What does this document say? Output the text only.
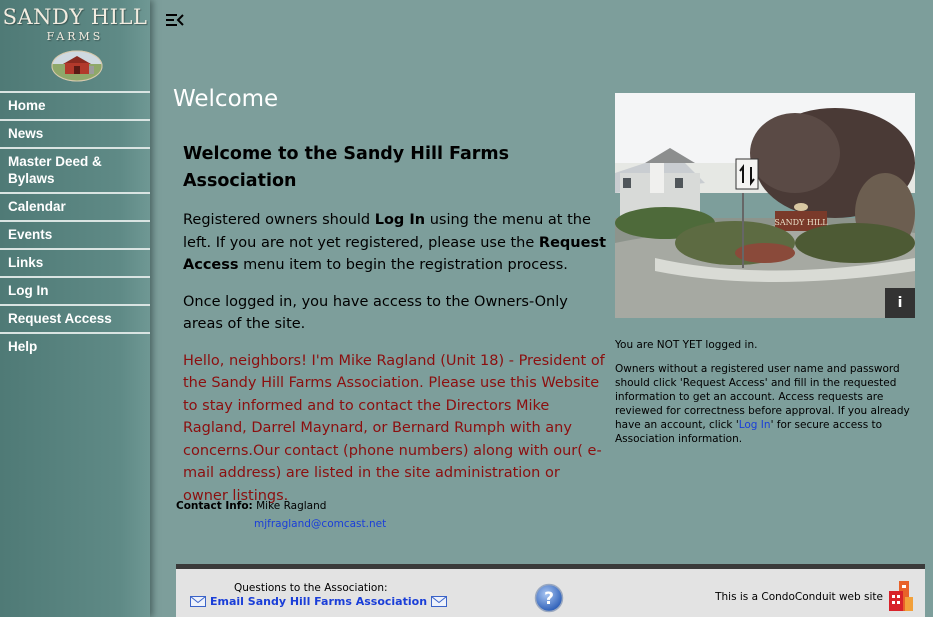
SANDY HILL
FARMS
Home
News
Master Deed & Bylaws
Calendar
Events
Links
Log In
Request Access
Help
Welcome
Welcome to the Sandy Hill Farms Association

Registered owners should Log In using the menu at the left. If you are not yet registered, please use the Request Access menu item to begin the registration process.

Once logged in, you have access to the Owners-Only areas of the site.

Hello, neighbors! I'm Mike Ragland (Unit 18) - President of the Sandy Hill Farms Association. Please use this Website to stay informed and to contact the Directors Mike Ragland, Darrel Maynard, or Bernard Rumph with any concerns.Our contact (phone numbers) along with our( e-mail address) are listed in the site administration or owner listings.

Contact Info: Mike Ragland
mjfragland@comcast.net
SANDY HILL
i

You are NOT YET logged in.

Owners without a registered user name and password should click 'Request Access' and fill in the requested information to get an account. Access requests are reviewed for correctness before approval. If you already have an account, click 'Log In' for secure access to Association information.

Questions to the Association:
Email Sandy Hill Farms Association	?	This is a CondoConduit web site
